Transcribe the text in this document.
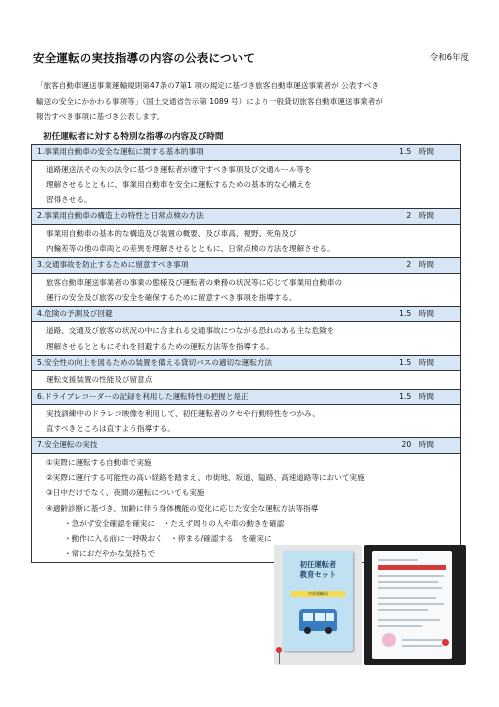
安全運転の実技指導の内容の公表について	令和6年度
「旅客自動車運送事業運輸規則第47条の7第1 項の規定に基づき旅客自動車運送事業者が 公表すべき
輸送の安全にかかわる事項等」（国土交通省告示第 1089 号）により一般貸切旅客自動車運送事業者が
報告すべき事項に基づき公表します。
初任運転者に対する特別な指導の内容及び時間
1.事業用自動車の安全な運転に関する基本的事項	1.5　時間
道路運送法その矢の法令に基づき運転者が遵守すべき事項及び交通ルール等を
理解させるとともに、事業用自動車を安全に運転するための基本的な心構えを
習得させる。
2.事業用自動車の構造上の特性と日常点検の方法	2　時間
事業用自動車の基本的な構造及び装置の概要、及び車高、視野、死角及び
内輪差等の他の車両との差異を理解させるとともに、日常点検の方法を理解させる。
3.交通事故を防止するために留意すべき事項	2　時間
旅客自動車運送事業者の事業の態様及び運転者の乗務の状況等に応じて事業用自動車の
運行の安全及び旅客の安全を確保するために留意すべき事項を指導する。
4.危険の予測及び回避	1.5　時間
道路、交通及び旅客の状況の中に含まれる交通事故につながる恐れのある主な危険を
理解させるとともにそれを回避するための運転方法等を指導する。
5.安全性の向上を図るための装置を備える貸切バスの適切な運転方法	1.5　時間
運転支援装置の性能及び留意点
6.ドライブレコーダーの記録を利用した運転特性の把握と是正	1.5　時間
実技訓練中のドラレコ映像を利用して、初任運転者のクセや行動特性をつかみ、
直すべきところは直すよう指導する。
7.安全運転の実技	20　時間
①実際に運転する自動車で実施
②実際に運行する可能性の高い経路を踏まえ、市街地、坂道、隘路、高速道路等において実施
③日中だけでなく、夜間の運転についても実施
④適齢診断に基づき、加齢に伴う身体機能の変化に応じた安全な運転方法等指導
・急がず安全確認を確実に　・たえず周りの人や車の動きを確認
・動作に入る前に一呼吸おく　・停まる/確認する　を確実に
・常におだやかな気持ちで
初任運転者
教育セット
中部運輸局
